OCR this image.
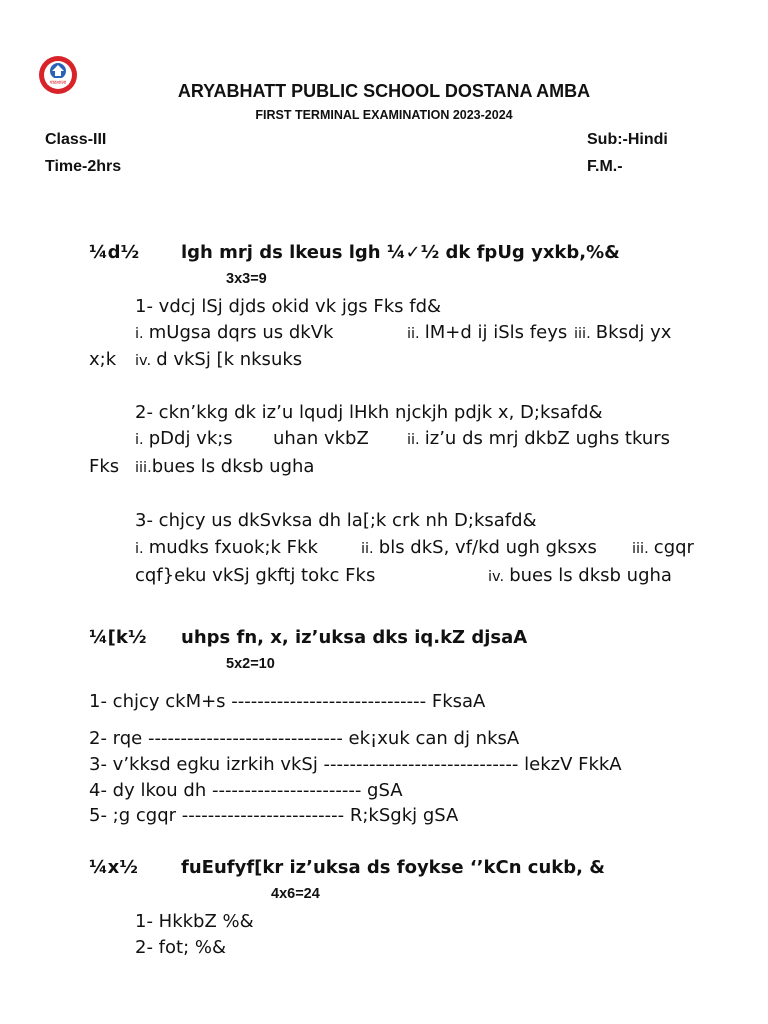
पाठशाला	ARYABHATT PUBLIC SCHOOL DOSTANA AMBA
FIRST TERMINAL EXAMINATION 2023-2024
Class-III	Sub:-Hindi
Time-2hrs	F.M.-
¼d½ lgh mrj ds lkeus lgh ¼✓½ dk fpUg yxkb,%&
3x3=9
1- vdcj lSj djds okid vk jgs Fks fd&
i. mUgsa dqrs us dkVk	ii. lM+d ij iSls feys iii. Bksdj yx
x;k iv. d vkSj [k nksuks
2- ckn’kkg dk iz’u lqudj lHkh njckjh pdjk x, D;ksafd&
i. pDdj vk;s uhan vkbZ	ii. iz’u ds mrj dkbZ ughs tkurs
Fks iii.bues ls dksb ugha
3- chjcy us dkSvksa dh la[;k crk nh D;ksafd&
i. mudks fxuok;k Fkk	ii. bls dkS, vf/kd ugh gksxs iii. cgqr
cqf}eku vkSj gkftj tokc Fks	iv. bues ls dksb ugha
¼[k½ uhps fn, x, iz’uksa dks iq.kZ djsaA
5x2=10
1- chjcy ckM+s ------------------------------ FksaA
2- rqe ------------------------------ ek¡xuk can dj nksA
3- v’kksd egku izrkih vkSj ------------------------------ lekzV FkkA
4- dy lkou dh ----------------------- gSA
5- ;g cgqr ------------------------- R;kSgkj gSA
¼x½ fuEufyf[kr iz’uksa ds foykse ‘’kCn cukb, &
4x6=24
1- HkkbZ %&
2- fot; %&
